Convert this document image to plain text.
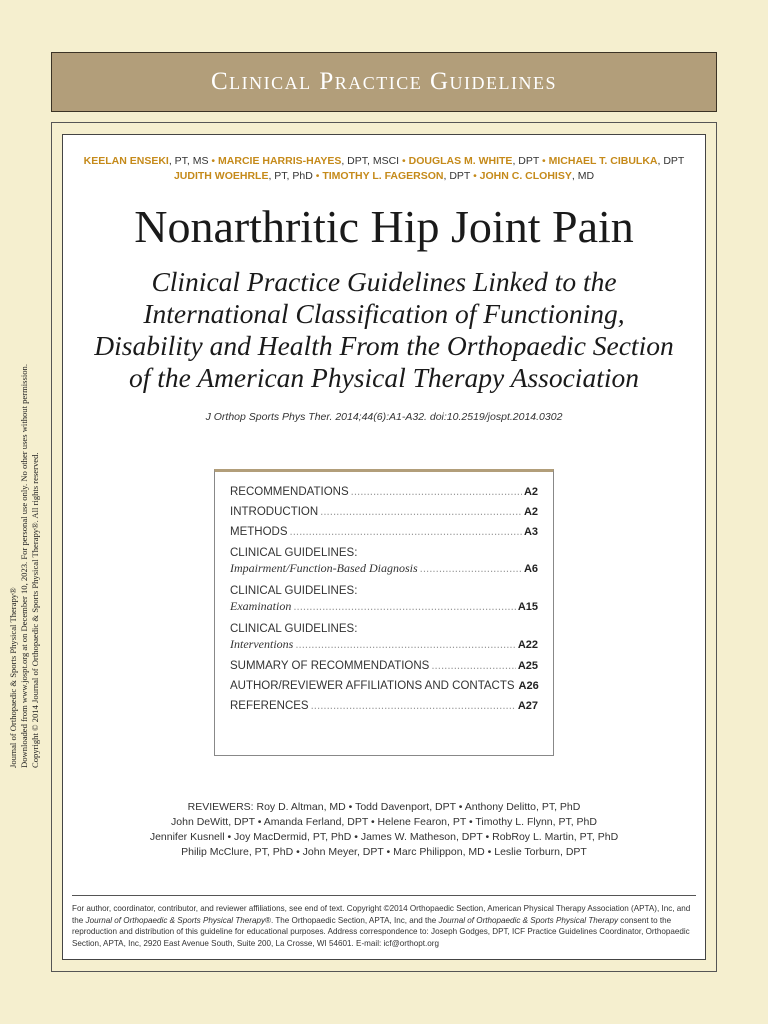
Clinical Practice Guidelines
Journal of Orthopaedic & Sports Physical Therapy® Downloaded from www.jospt.org at on December 10, 2023. For personal use only. No other uses without permission. Copyright © 2014 Journal of Orthopaedic & Sports Physical Therapy®. All rights reserved.
KEELAN ENSEKI, PT, MS • MARCIE HARRIS-HAYES, DPT, MSCI • DOUGLAS M. WHITE, DPT • MICHAEL T. CIBULKA, DPT
JUDITH WOEHRLE, PT, PhD • TIMOTHY L. FAGERSON, DPT • JOHN C. CLOHISY, MD
Nonarthritic Hip Joint Pain
Clinical Practice Guidelines Linked to the
International Classification of Functioning,
Disability and Health From the Orthopaedic Section
of the American Physical Therapy Association
J Orthop Sports Phys Ther. 2014;44(6):A1-A32. doi:10.2519/jospt.2014.0302
RECOMMENDATIONS .....	A2
INTRODUCTION .....	A2
METHODS .....	A3
CLINICAL GUIDELINES:
Impairment/Function-Based Diagnosis .....	A6
CLINICAL GUIDELINES:
Examination .....	A15
CLINICAL GUIDELINES:
Interventions .....	A22
SUMMARY OF RECOMMENDATIONS .....	A25
AUTHOR/REVIEWER AFFILIATIONS AND CONTACTS A26
REFERENCES .....	A27
REVIEWERS: Roy D. Altman, MD • Todd Davenport, DPT • Anthony Delitto, PT, PhD
John DeWitt, DPT • Amanda Ferland, DPT • Helene Fearon, PT • Timothy L. Flynn, PT, PhD
Jennifer Kusnell • Joy MacDermid, PT, PhD • James W. Matheson, DPT • RobRoy L. Martin, PT, PhD
Philip McClure, PT, PhD • John Meyer, DPT • Marc Philippon, MD • Leslie Torburn, DPT
For author, coordinator, contributor, and reviewer affiliations, see end of text. Copyright ©2014 Orthopaedic Section, American Physical Therapy Association (APTA), Inc, and the Journal of Orthopaedic & Sports Physical Therapy®. The Orthopaedic Section, APTA, Inc, and the Journal of Orthopaedic & Sports Physical Therapy consent to the reproduction and distribution of this guideline for educational purposes. Address correspondence to: Joseph Godges, DPT, ICF Practice Guidelines Coordinator, Orthopaedic Section, APTA, Inc, 2920 East Avenue South, Suite 200, La Crosse, WI 54601. E-mail: icf@orthopt.org
